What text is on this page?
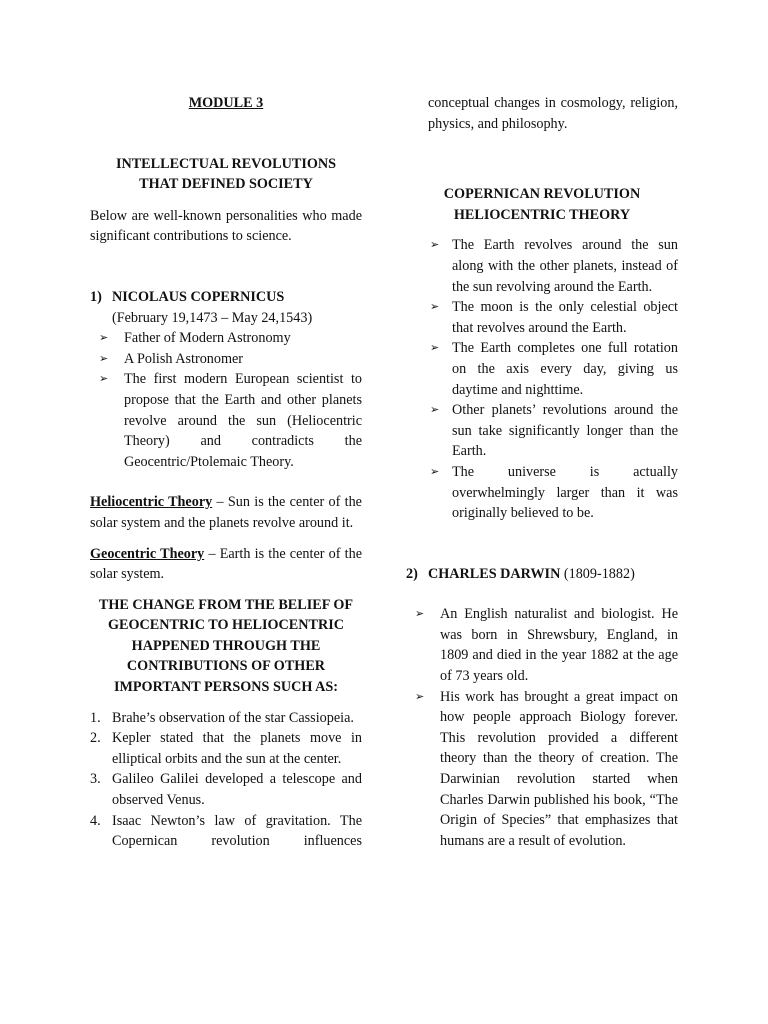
MODULE 3

INTELLECTUAL REVOLUTIONS

THAT DEFINED SOCIETY

Below are well-known personalities who made significant contributions to science.

1) NICOLAUS COPERNICUS

(February 19,1473 – May 24,1543)

➢ Father of Modern Astronomy
➢ A Polish Astronomer
➢ The first modern European scientist to propose that the Earth and other planets revolve around the sun (Heliocentric Theory) and contradicts the Geocentric/Ptolemaic Theory.

Heliocentric Theory – Sun is the center of the solar system and the planets revolve around it.

Geocentric Theory – Earth is the center of the solar system.

THE CHANGE FROM THE BELIEF OF GEOCENTRIC TO HELIOCENTRIC HAPPENED THROUGH THE CONTRIBUTIONS OF OTHER IMPORTANT PERSONS SUCH AS:

1. Brahe’s observation of the star Cassiopeia.
2. Kepler stated that the planets move in elliptical orbits and the sun at the center.
3. Galileo Galilei developed a telescope and observed Venus.
4. Isaac Newton’s law of gravitation. The Copernican revolution influences

conceptual changes in cosmology, religion, physics, and philosophy.

COPERNICAN REVOLUTION

HELIOCENTRIC THEORY

➢ The Earth revolves around the sun along with the other planets, instead of the sun revolving around the Earth.
➢ The moon is the only celestial object that revolves around the Earth.
➢ The Earth completes one full rotation on the axis every day, giving us daytime and nighttime.
➢ Other planets’ revolutions around the sun take significantly longer than the Earth.
➢ The universe is actually overwhelmingly larger than it was originally believed to be.
2) CHARLES DARWIN (1809-1882)
➢ An English naturalist and biologist. He was born in Shrewsbury, England, in 1809 and died in the year 1882 at the age of 73 years old.
➢ His work has brought a great impact on how people approach Biology forever. This revolution provided a different theory than the theory of creation. The Darwinian revolution started when Charles Darwin published his book, “The Origin of Species” that emphasizes that humans are a result of evolution.
